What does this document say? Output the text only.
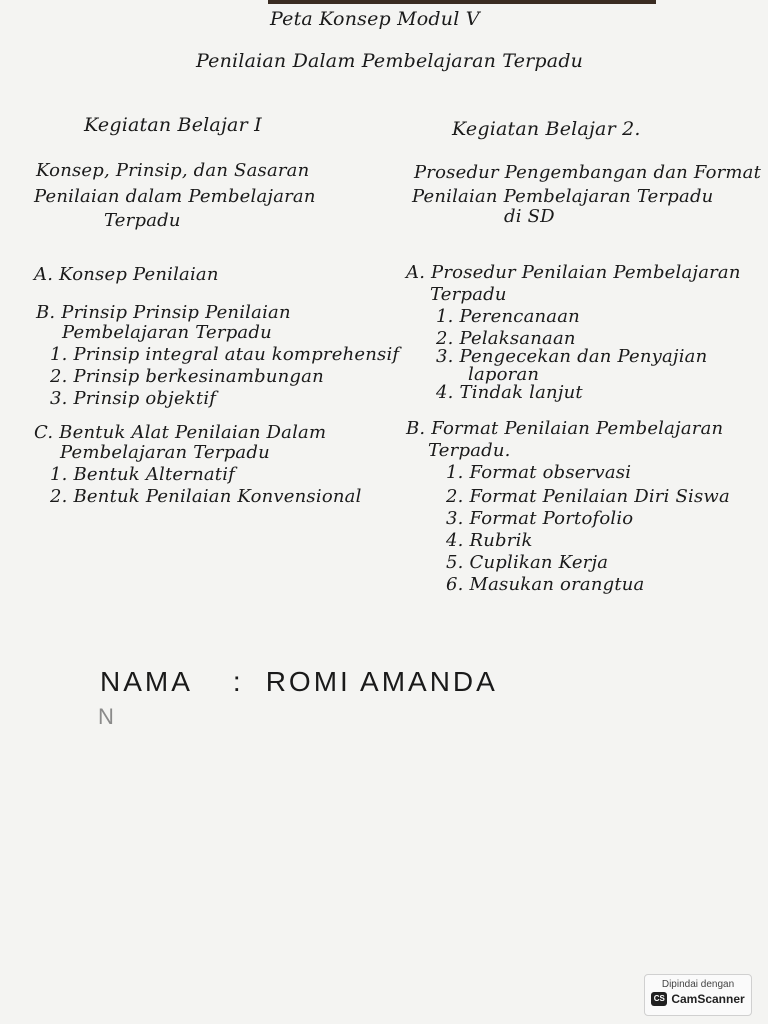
Peta Konsep Modul V
Penilaian Dalam Pembelajaran Terpadu
Kegiatan Belajar I
Konsep, Prinsip, dan Sasaran
Penilaian dalam Pembelajaran
Terpadu
A. Konsep Penilaian
B. Prinsip Prinsip Penilaian
Pembelajaran Terpadu
1. Prinsip integral atau komprehensif
2. Prinsip berkesinambungan
3. Prinsip objektif
C. Bentuk Alat Penilaian Dalam
Pembelajaran Terpadu
1. Bentuk Alternatif
2. Bentuk Penilaian Konvensional
Kegiatan Belajar 2.
Prosedur Pengembangan dan Format
Penilaian Pembelajaran Terpadu
di SD
A. Prosedur Penilaian Pembelajaran
Terpadu
1. Perencanaan
2. Pelaksanaan
3. Pengecekan dan Penyajian
laporan
4. Tindak lanjut
B. Format Penilaian Pembelajaran
Terpadu.
1. Format observasi
2. Format Penilaian Diri Siswa
3. Format Portofolio
4. Rubrik
5. Cuplikan Kerja
6. Masukan orangtua
NAMA : ROMI AMANDA
N
Dipindai dengan
CS CamScanner
